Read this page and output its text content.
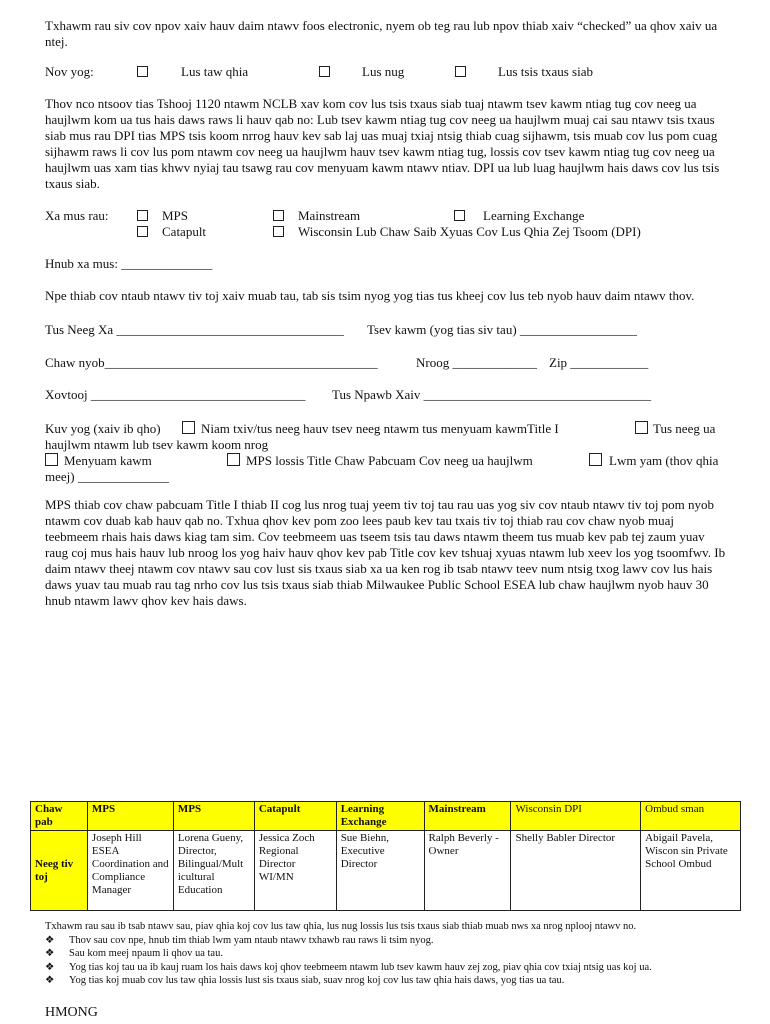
Txhawm rau siv cov npov xaiv hauv daim ntawv foos electronic, nyem ob teg rau lub npov thiab xaiv “checked” ua qhov xaiv ua ntej.

Nov yog:	Lus taw qhia	Lus nug	Lus tsis txaus siab

Thov nco ntsoov tias Tshooj 1120 ntawm NCLB xav kom cov lus tsis txaus siab tuaj ntawm tsev kawm ntiag tug cov neeg ua haujlwm kom ua tus hais daws raws li hauv qab no: Lub tsev kawm ntiag tug cov neeg ua haujlwm muaj cai sau ntawv tsis txaus siab mus rau DPI tias MPS tsis koom nrrog hauv kev sab laj uas muaj txiaj ntsig thiab cuag sijhawm, tsis muab cov lus pom cuag sijhawm raws li cov lus pom ntawm cov neeg ua haujlwm hauv tsev kawm ntiag tug, lossis cov tsev kawm ntiag tug cov neeg ua haujlwm uas xam tias khwv nyiaj tau tsawg rau cov menyuam kawm ntawv ntiav. DPI ua lub luag haujlwm hais daws cov lus tsis txaus siab.

Xa mus rau:	MPS	Mainstream	Learning Exchange
Catapult	Wisconsin Lub Chaw Saib Xyuas Cov Lus Qhia Zej Tsoom (DPI)

Hnub xa mus: ______________

Npe thiab cov ntaub ntawv tiv toj xaiv muab tau, tab sis tsim nyog yog tias tus kheej cov lus teb nyob hauv daim ntawv thov.

Tus Neeg Xa ___________________________________ Tsev kawm (yog tias siv tau) __________________
Chaw nyob__________________________________________	Nroog _____________ Zip ____________
Xovtooj _________________________________ Tus Npawb Xaiv ___________________________________
Kuv yog (xaiv ib qho)	Niam txiv/tus neeg hauv tsev neeg ntawm tus menyuam kawmTitle I	Tus neeg ua
haujlwm ntawm lub tsev kawm koom nrog
Menyuam kawm	MPS lossis Title Chaw Pabcuam Cov neeg ua haujlwm	Lwm yam (thov qhia
meej) ______________

MPS thiab cov chaw pabcuam Title I thiab II cog lus nrog tuaj yeem tiv toj tau rau uas yog siv cov ntaub ntawv tiv toj pom nyob ntawm cov duab kab hauv qab no. Txhua qhov kev pom zoo lees paub kev tau txais tiv toj thiab rau cov chaw nyob muaj teebmeem rhais hais daws kiag tam sim. Cov teebmeem uas tseem tsis tau daws ntawm theem tus muab kev pab tej zaum yuav raug coj mus hais hauv lub nroog los yog haiv hauv qhov kev pab Title cov kev tshuaj xyuas ntawm lub xeev los yog tsoomfwv. Ib daim ntawv theej ntawm cov ntawv sau cov lust sis txaus siab xa ua ken rog ib tsab ntawv teev num ntsig txog lawv cov lus hais daws yuav tau muab rau tag nrho cov lus tsis txaus siab thiab Milwaukee Public School ESEA lub chaw haujlwm nyob hauv 30 hnub ntawm lawv qhov kev hais daws.

Chaw pab	MPS	MPS	Catapult	Learning Exchange	Mainstream	Wisconsin DPI	Ombud sman
Neeg tiv toj	Joseph Hill ESEA Coordination and Compliance Manager	Lorena Gueny, Director, Bilingual/Mult icultural Education	Jessica Zoch Regional Director WI/MN	Sue Biehn, Executive Director	Ralph Beverly - Owner	Shelly Babler Director	Abigail Pavela, Wiscon sin Private School Ombud

Txhawm rau sau ib tsab ntawv sau, piav qhia koj cov lus taw qhia, lus nug lossis lus tsis txaus siab thiab muab nws xa nrog nplooj ntawv no.

❖ Thov sau cov npe, hnub tim thiab lwm yam ntaub ntawv txhawb rau raws li tsim nyog.
❖ Sau kom meej npaum li qhov ua tau.
❖ Yog tias koj tau ua ib kauj ruam los hais daws koj qhov teebmeem ntawm lub tsev kawm hauv zej zog, piav qhia cov txiaj ntsig uas koj ua.
❖ Yog tias koj muab cov lus taw qhia lossis lust sis txaus siab, suav nrog koj cov lus taw qhia hais daws, yog tias ua tau.
HMONG
